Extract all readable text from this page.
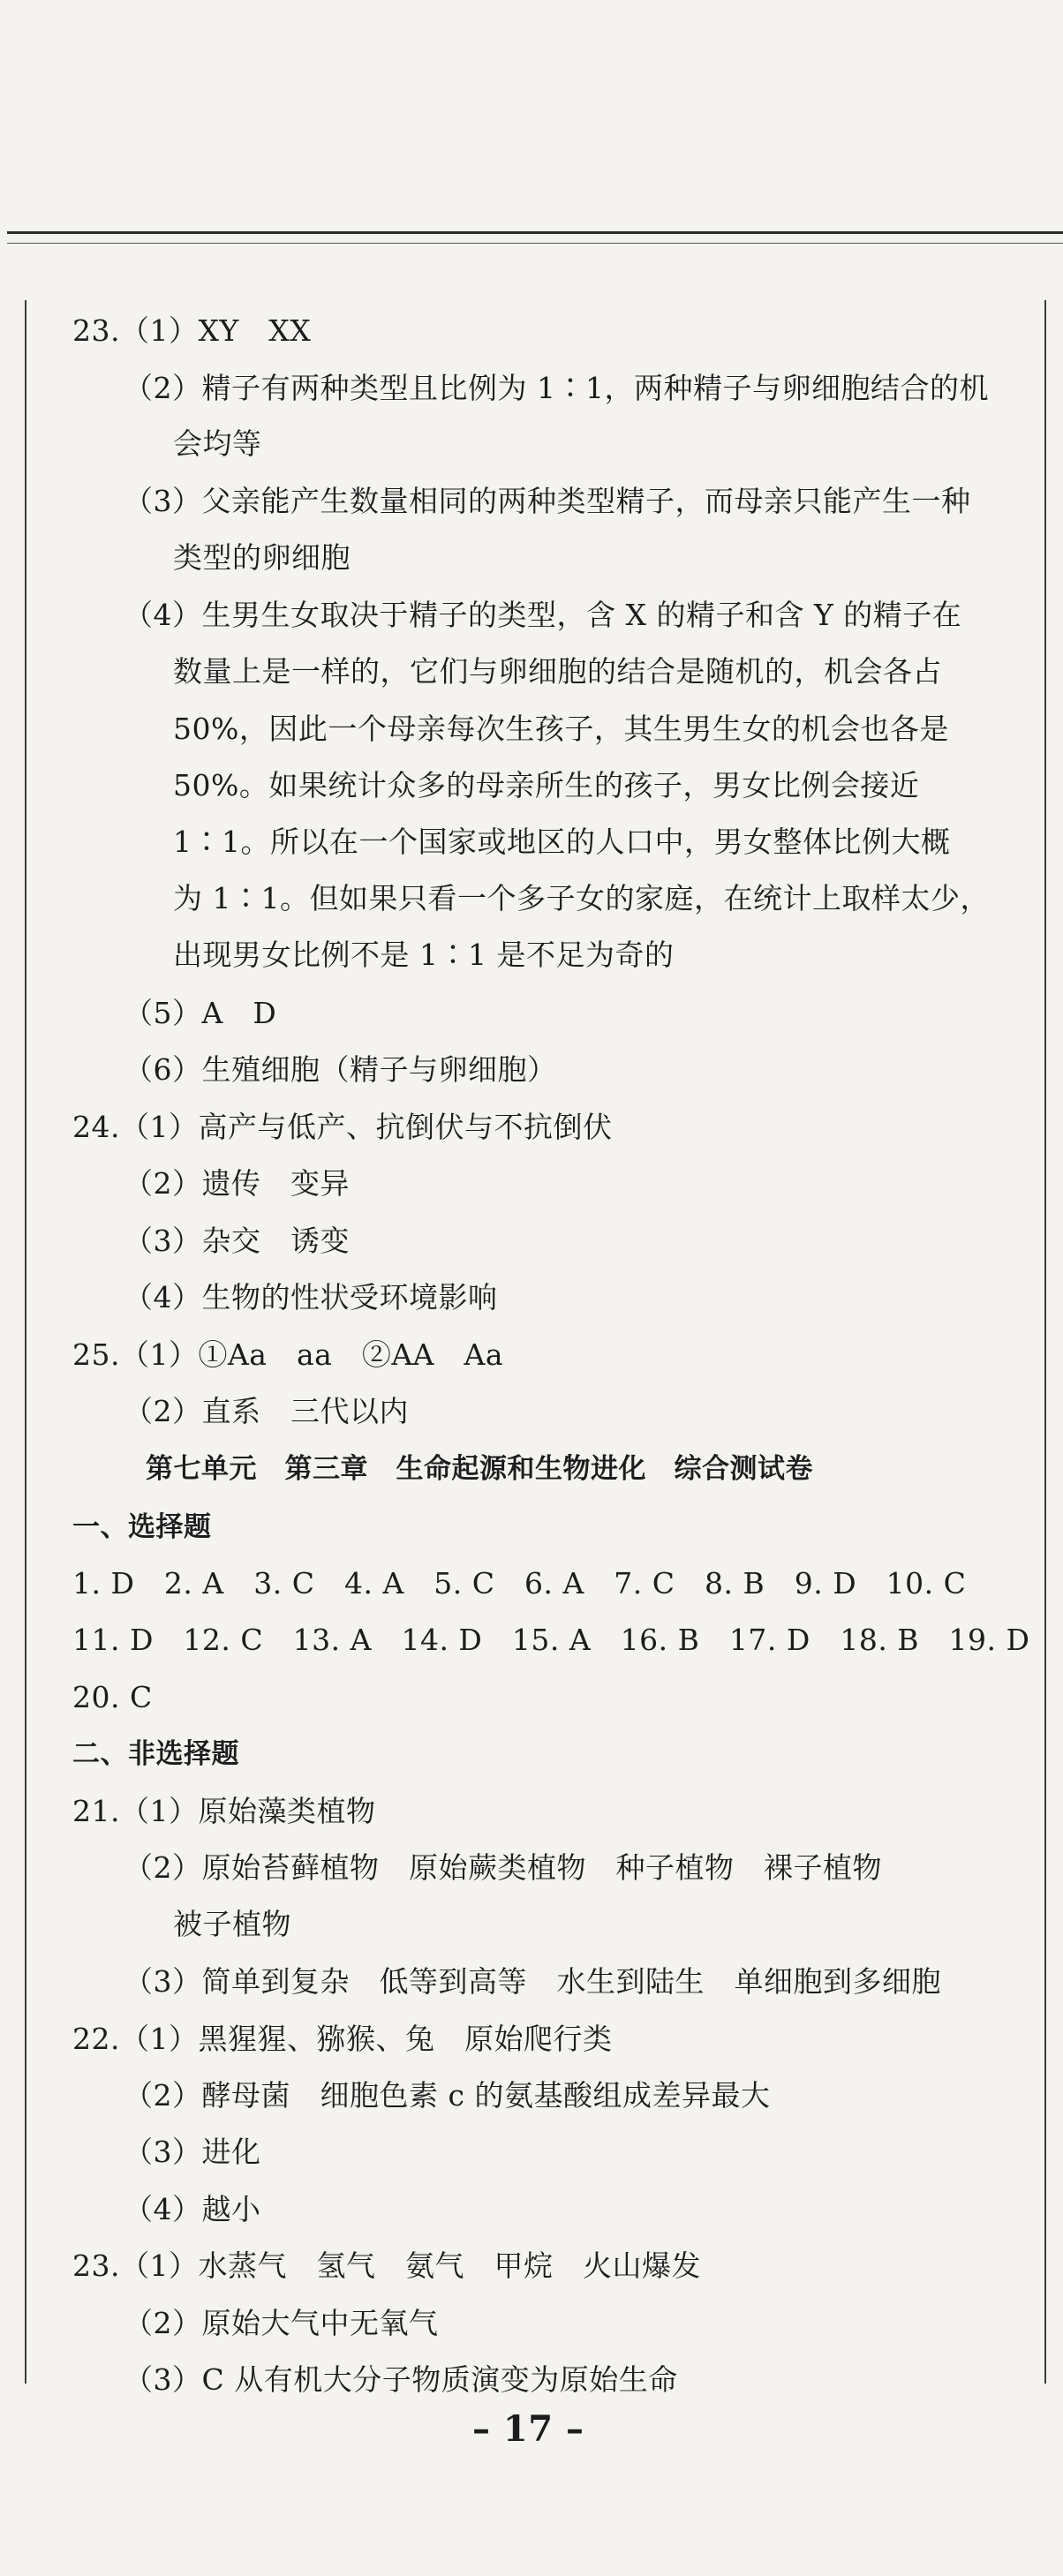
23.（1）XY　XX
（2）精子有两种类型且比例为 1∶1，两种精子与卵细胞结合的机
会均等
（3）父亲能产生数量相同的两种类型精子，而母亲只能产生一种
类型的卵细胞
（4）生男生女取决于精子的类型，含 X 的精子和含 Y 的精子在
数量上是一样的，它们与卵细胞的结合是随机的，机会各占
50%，因此一个母亲每次生孩子，其生男生女的机会也各是
50%。如果统计众多的母亲所生的孩子，男女比例会接近
1∶1。所以在一个国家或地区的人口中，男女整体比例大概
为 1∶1。但如果只看一个多子女的家庭，在统计上取样太少，
出现男女比例不是 1∶1 是不足为奇的
（5）A　D
（6）生殖细胞（精子与卵细胞）
24.（1）高产与低产、抗倒伏与不抗倒伏
（2）遗传　变异
（3）杂交　诱变
（4）生物的性状受环境影响
25.（1）①Aa　aa　②AA　Aa
（2）直系　三代以内
第七单元　第三章　生命起源和生物进化　综合测试卷
一、选择题
1. D　2. A　3. C　4. A　5. C　6. A　7. C　8. B　9. D　10. C
11. D　12. C　13. A　14. D　15. A　16. B　17. D　18. B　19. D
20. C
二、非选择题
21.（1）原始藻类植物
（2）原始苔藓植物　原始蕨类植物　种子植物　裸子植物
被子植物
（3）简单到复杂　低等到高等　水生到陆生　单细胞到多细胞
22.（1）黑猩猩、猕猴、兔　原始爬行类
（2）酵母菌　细胞色素 c 的氨基酸组成差异最大
（3）进化
（4）越小
23.（1）水蒸气　氢气　氨气　甲烷　火山爆发
（2）原始大气中无氧气
（3）C 从有机大分子物质演变为原始生命
– 17 –
